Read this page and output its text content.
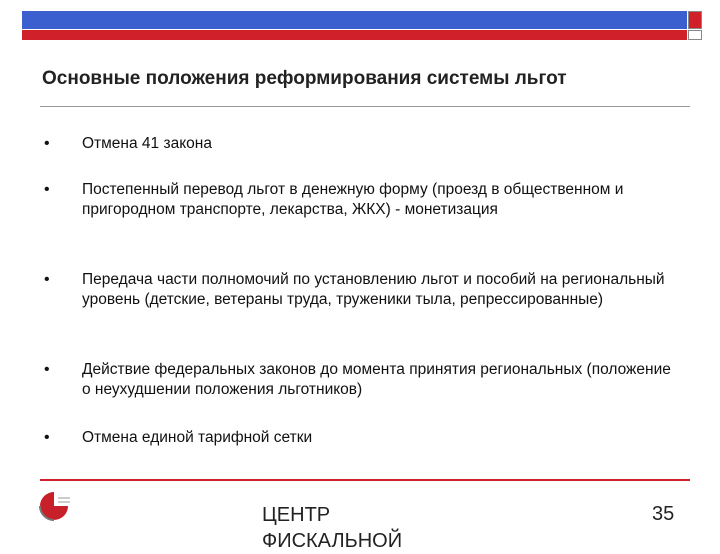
Основные положения реформирования системы льгот
• Отмена 41 закона
• Постепенный перевод льгот в денежную форму (проезд в общественном и пригородном транспорте, лекарства, ЖКХ) - монетизация
• Передача части полномочий по установлению льгот и пособий на региональный уровень (детские, ветераны труда, труженики тыла, репрессированные)
• Действие федеральных законов до момента принятия региональных (положение о неухудшении положения льготников)
• Отмена единой тарифной сетки
ЦЕНТР
ФИСКАЛЬНОЙ
35
